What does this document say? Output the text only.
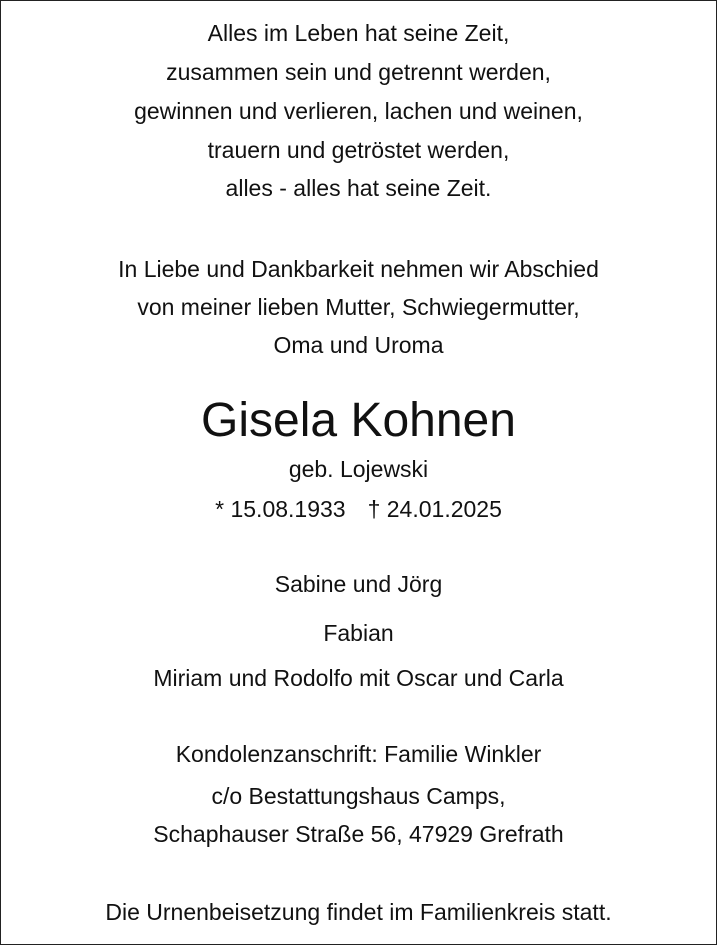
Alles im Leben hat seine Zeit,
zusammen sein und getrennt werden,
gewinnen und verlieren, lachen und weinen,
trauern und getröstet werden,
alles - alles hat seine Zeit.
In Liebe und Dankbarkeit nehmen wir Abschied
von meiner lieben Mutter, Schwiegermutter,
Oma und Uroma
Gisela Kohnen
geb. Lojewski
* 15.08.1933 † 24.01.2025
Sabine und Jörg
Fabian
Miriam und Rodolfo mit Oscar und Carla
Kondolenzanschrift: Familie Winkler
c/o Bestattungshaus Camps,
Schaphauser Straße 56, 47929 Grefrath
Die Urnenbeisetzung findet im Familienkreis statt.
